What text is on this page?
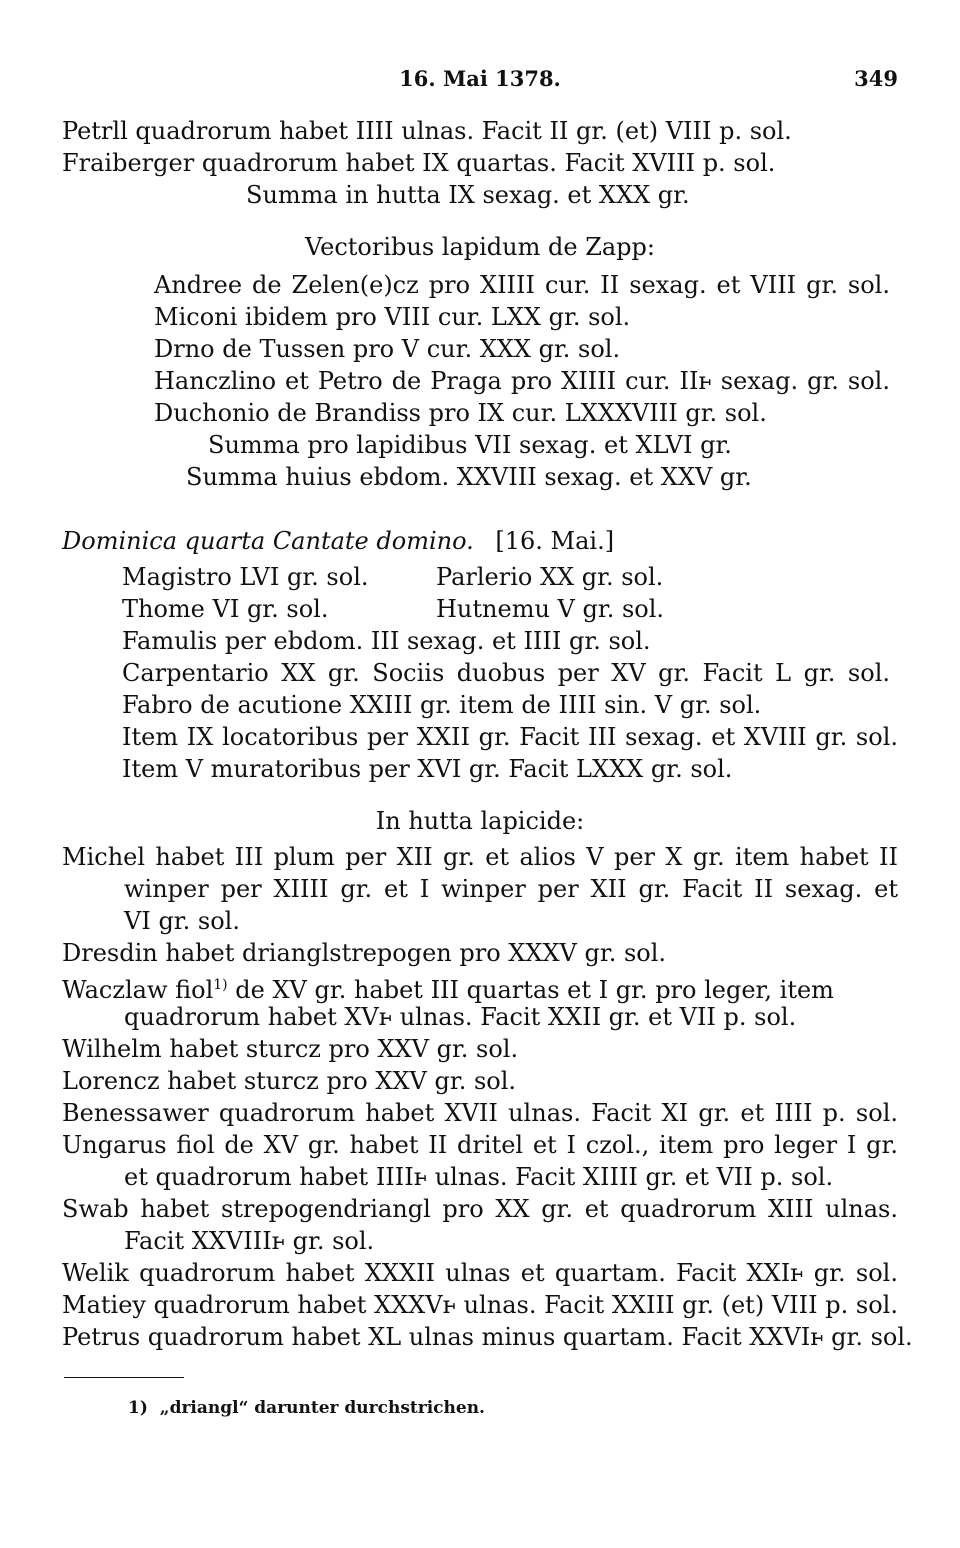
16. Mai 1378.	349
Petrll quadrorum habet IIII ulnas. Facit II gr. (et) VIII p. sol.
Fraiberger quadrorum habet IX quartas. Facit XVIII p. sol.
Summa in hutta IX sexag. et XXX gr.
Vectoribus lapidum de Zapp:
Andree de Zelen(e)cz pro XIIII cur. II sexag. et VIII gr. sol.
Miconi ibidem pro VIII cur. LXX gr. sol.
Drno de Tussen pro V cur. XXX gr. sol.
Hanczlino et Petro de Praga pro XIIII cur. IIⱶ sexag. gr. sol.
Duchonio de Brandiss pro IX cur. LXXXVIII gr. sol.
Summa pro lapidibus VII sexag. et XLVI gr.
Summa huius ebdom. XXVIII sexag. et XXV gr.
Dominica quarta Cantate domino. [16. Mai.]
Magistro LVI gr. sol.	Parlerio XX gr. sol.
Thome VI gr. sol.	Hutnemu V gr. sol.
Famulis per ebdom. III sexag. et IIII gr. sol.
Carpentario XX gr. Sociis duobus per XV gr. Facit L gr. sol.
Fabro de acutione XXIII gr. item de IIII sin. V gr. sol.
Item IX locatoribus per XXII gr. Facit III sexag. et XVIII gr. sol.
Item V muratoribus per XVI gr. Facit LXXX gr. sol.
In hutta lapicide:
Michel habet III plum per XII gr. et alios V per X gr. item habet II
winper per XIIII gr. et I winper per XII gr. Facit II sexag. et
VI gr. sol.
Dresdin habet drianglstrepogen pro XXXV gr. sol.
Waczlaw fiol$^{1)}$ de XV gr. habet III quartas et I gr. pro leger, item
quadrorum habet XVⱶ ulnas. Facit XXII gr. et VII p. sol.
Wilhelm habet sturcz pro XXV gr. sol.
Lorencz habet sturcz pro XXV gr. sol.
Benessawer quadrorum habet XVII ulnas. Facit XI gr. et IIII p. sol.
Ungarus fiol de XV gr. habet II dritel et I czol., item pro leger I gr.
et quadrorum habet IIIIⱶ ulnas. Facit XIIII gr. et VII p. sol.
Swab habet strepogendriangl pro XX gr. et quadrorum XIII ulnas.
Facit XXVIIIⱶ gr. sol.
Welik quadrorum habet XXXII ulnas et quartam. Facit XXIⱶ gr. sol.
Matiey quadrorum habet XXXVⱶ ulnas. Facit XXIII gr. (et) VIII p. sol.
Petrus quadrorum habet XL ulnas minus quartam. Facit XXVIⱶ gr. sol.
1) „driangl“ darunter durchstrichen.
